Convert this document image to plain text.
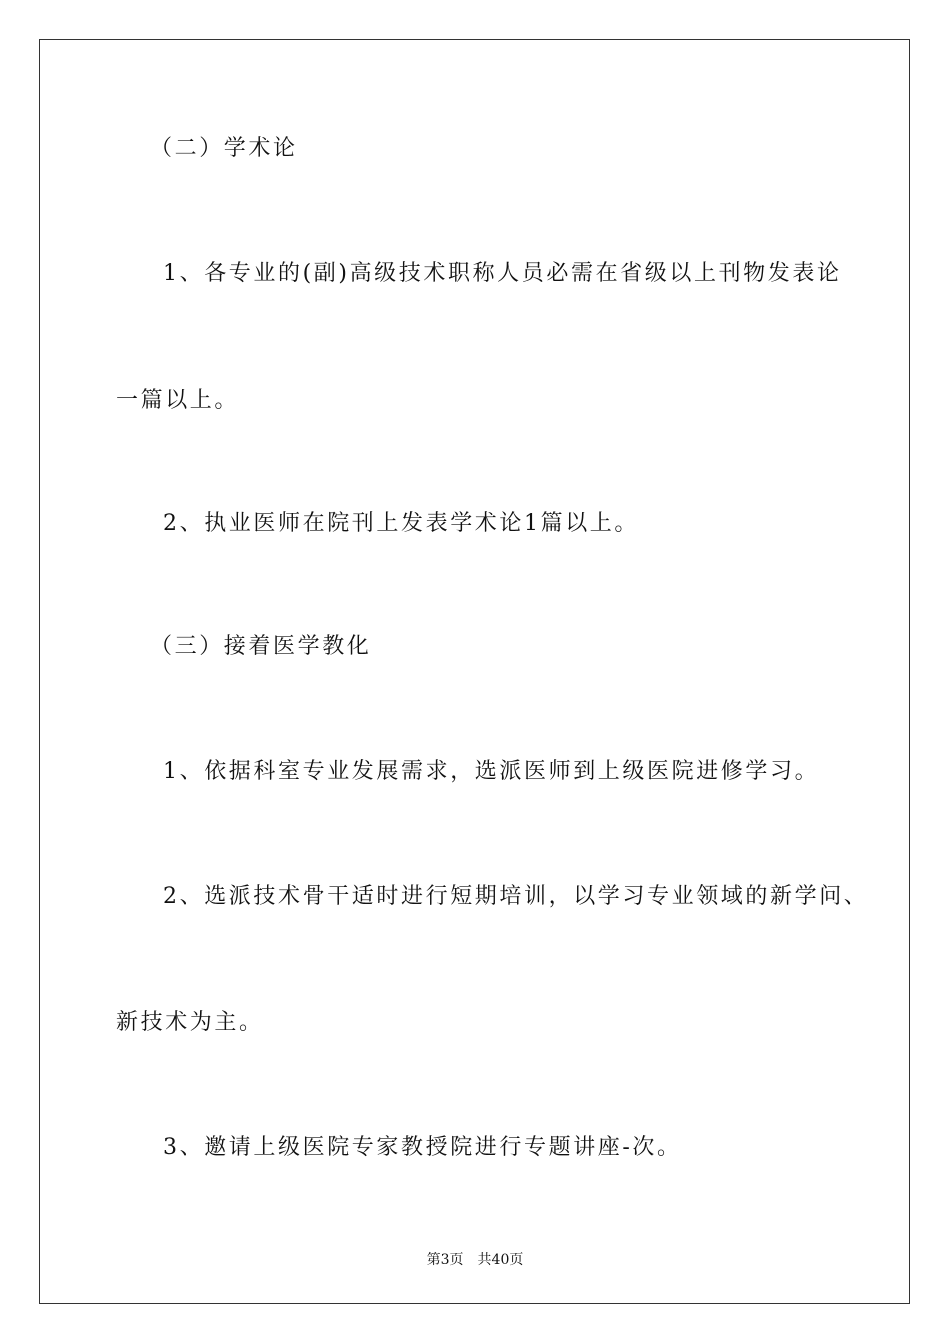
（二）学术论
1、各专业的(副)高级技术职称人员必需在省级以上刊物发表论
一篇以上。
2、执业医师在院刊上发表学术论1篇以上。
（三）接着医学教化
1、依据科室专业发展需求，选派医师到上级医院进修学习。
2、选派技术骨干适时进行短期培训，以学习专业领域的新学问、
新技术为主。
3、邀请上级医院专家教授院进行专题讲座-次。
第3页 共40页
